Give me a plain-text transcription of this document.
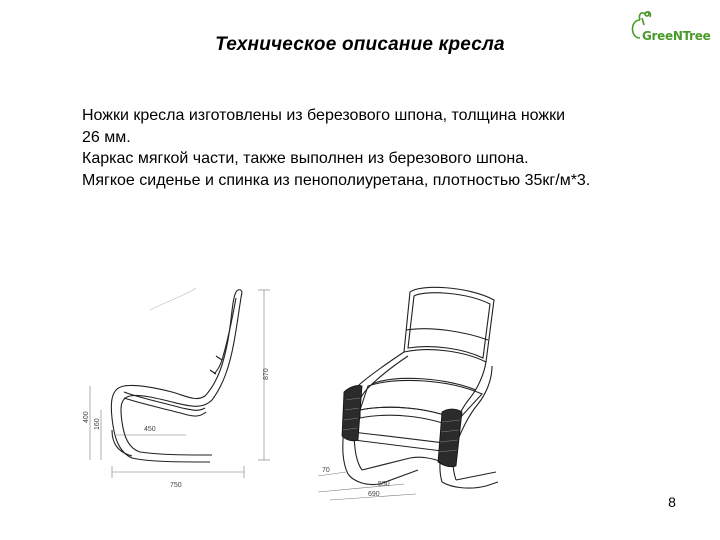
Техническое описание кресла	GreeNTree
Ножки кресла изготовлены из березового шпона, толщина ножки
26 мм.
Каркас мягкой части, также выполнен из березового шпона.
Мягкое сиденье и спинка из пенополиуретана, плотностью 35кг/м*3.
870
400
160	450
750
70
550
690	8
